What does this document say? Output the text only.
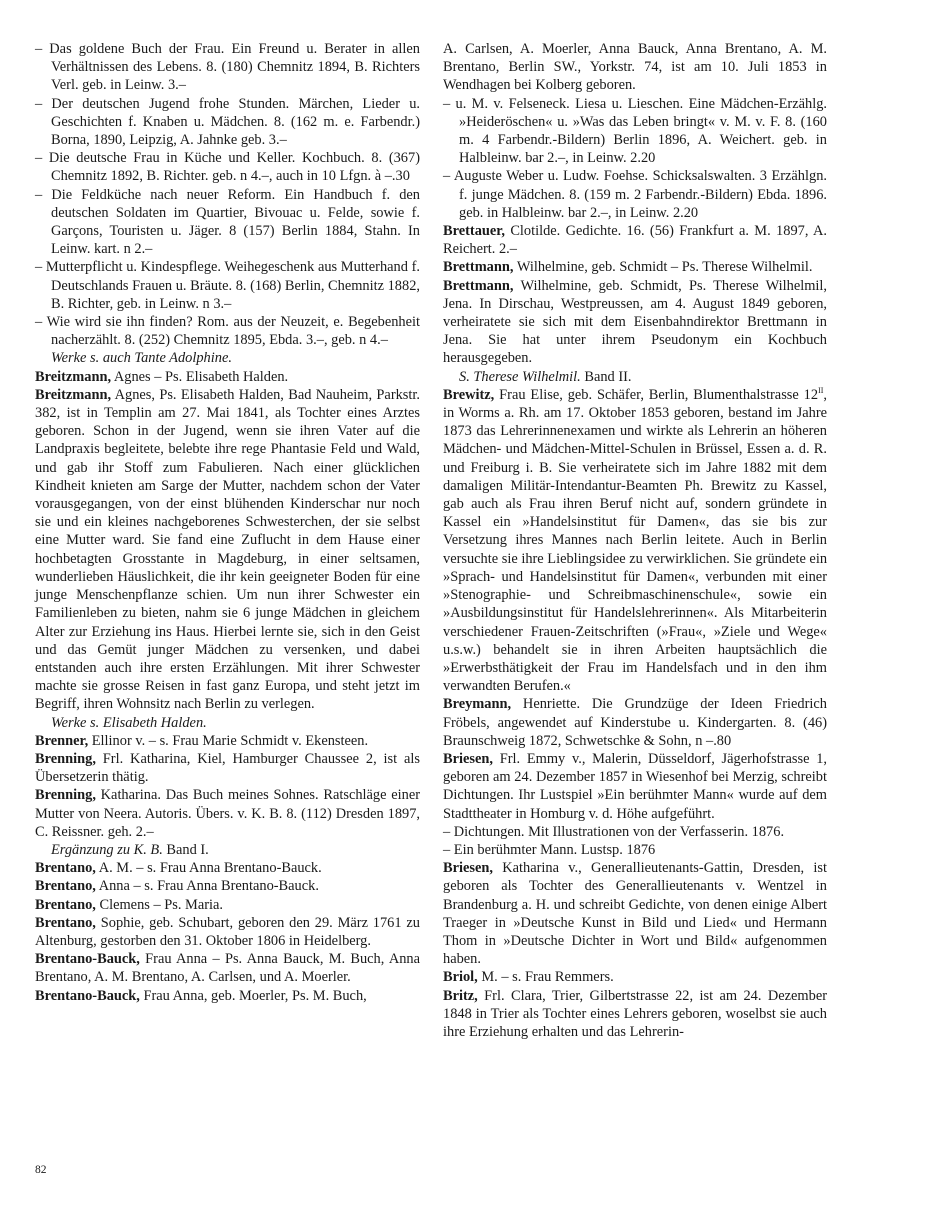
– Das goldene Buch der Frau. Ein Freund u. Berater in allen Verhältnissen des Lebens. 8. (180) Chemnitz 1894, B. Richters Verl. geb. in Leinw. 3.–
– Der deutschen Jugend frohe Stunden. Märchen, Lieder u. Geschichten f. Knaben u. Mädchen. 8. (162 m. e. Farbendr.) Borna, 1890, Leipzig, A. Jahnke geb. 3.–
– Die deutsche Frau in Küche und Keller. Kochbuch. 8. (367) Chemnitz 1892, B. Richter. geb. n 4.–, auch in 10 Lfgn. à –.30
– Die Feldküche nach neuer Reform. Ein Handbuch f. den deutschen Soldaten im Quartier, Bivouac u. Felde, sowie f. Garçons, Touristen u. Jäger. 8 (157) Berlin 1884, Stahn. In Leinw. kart. n 2.–
– Mutterpflicht u. Kindespflege. Weihegeschenk aus Mutterhand f. Deutschlands Frauen u. Bräute. 8. (168) Berlin, Chemnitz 1882, B. Richter, geb. in Leinw. n 3.–
– Wie wird sie ihn finden? Rom. aus der Neuzeit, e. Begebenheit nacherzählt. 8. (252) Chemnitz 1895, Ebda. 3.–, geb. n 4.–
Werke s. auch Tante Adolphine.
Breitzmann, Agnes – Ps. Elisabeth Halden.
Breitzmann, Agnes, Ps. Elisabeth Halden, Bad Nauheim, Parkstr. 382, ist in Templin am 27. Mai 1841, als Tochter eines Arztes geboren. Schon in der Jugend, wenn sie ihren Vater auf die Landpraxis begleitete, belebte ihre rege Phantasie Feld und Wald, und gab ihr Stoff zum Fabulieren. Nach einer glücklichen Kindheit knieten am Sarge der Mutter, nachdem schon der Vater vorausgegangen, von der einst blühenden Kinderschar nur noch sie und ein kleines nachgeborenes Schwesterchen, der sie selbst eine Mutter ward. Sie fand eine Zuflucht in dem Hause einer hochbetagten Grosstante in Magdeburg, in einer seltsamen, wunderlieben Häuslichkeit, die ihr kein geeigneter Boden für eine junge Menschenpflanze schien. Um nun ihrer Schwester ein Familienleben zu bieten, nahm sie 6 junge Mädchen in gleichem Alter zur Erziehung ins Haus. Hierbei lernte sie, sich in den Geist und das Gemüt junger Mädchen zu versenken, und dabei entstanden auch ihre ersten Erzählungen. Mit ihrer Schwester machte sie grosse Reisen in fast ganz Europa, und steht jetzt im Begriff, ihren Wohnsitz nach Berlin zu verlegen.
Werke s. Elisabeth Halden.
Brenner, Ellinor v. – s. Frau Marie Schmidt v. Ekensteen.
Brenning, Frl. Katharina, Kiel, Hamburger Chaussee 2, ist als Übersetzerin thätig.
Brenning, Katharina. Das Buch meines Sohnes. Ratschläge einer Mutter von Neera. Autoris. Übers. v. K. B. 8. (112) Dresden 1897, C. Reissner. geh. 2.–
Ergänzung zu K. B. Band I.
Brentano, A. M. – s. Frau Anna Brentano-Bauck.
Brentano, Anna – s. Frau Anna Brentano-Bauck.
Brentano, Clemens – Ps. Maria.
Brentano, Sophie, geb. Schubart, geboren den 29. März 1761 zu Altenburg, gestorben den 31. Oktober 1806 in Heidelberg.
Brentano-Bauck, Frau Anna – Ps. Anna Bauck, M. Buch, Anna Brentano, A. M. Brentano, A. Carlsen, und A. Moerler.
Brentano-Bauck, Frau Anna, geb. Moerler, Ps. M. Buch,
A. Carlsen, A. Moerler, Anna Bauck, Anna Brentano, A. M. Brentano, Berlin SW., Yorkstr. 74, ist am 10. Juli 1853 in Wendhagen bei Kolberg geboren.
– u. M. v. Felseneck. Liesa u. Lieschen. Eine Mädchen-Erzählg. »Heideröschen« u. »Was das Leben bringt« v. M. v. F. 8. (160 m. 4 Farbendr.-Bildern) Berlin 1896, A. Weichert. geb. in Halbleinw. bar 2.–, in Leinw. 2.20
– Auguste Weber u. Ludw. Foehse. Schicksalswalten. 3 Erzählgn. f. junge Mädchen. 8. (159 m. 2 Farbendr.-Bildern) Ebda. 1896. geb. in Halbleinw. bar 2.–, in Leinw. 2.20
Brettauer, Clotilde. Gedichte. 16. (56) Frankfurt a. M. 1897, A. Reichert. 2.–
Brettmann, Wilhelmine, geb. Schmidt – Ps. Therese Wilhelmil.
Brettmann, Wilhelmine, geb. Schmidt, Ps. Therese Wilhelmil, Jena. In Dirschau, Westpreussen, am 4. August 1849 geboren, verheiratete sie sich mit dem Eisenbahndirektor Brettmann in Jena. Sie hat unter ihrem Pseudonym ein Kochbuch herausgegeben.
S. Therese Wilhelmil. Band II.
Brewitz, Frau Elise, geb. Schäfer, Berlin, Blumenthalstrasse $12^{II}$, in Worms a. Rh. am 17. Oktober 1853 geboren, bestand im Jahre 1873 das Lehrerinnenexamen und wirkte als Lehrerin an höheren Mädchen- und Mädchen-Mittel-Schulen in Brüssel, Essen a. d. R. und Freiburg i. B. Sie verheiratete sich im Jahre 1882 mit dem damaligen Militär-Intendantur-Beamten Ph. Brewitz zu Kassel, gab auch als Frau ihren Beruf nicht auf, sondern gründete in Kassel ein »Handelsinstitut für Damen«, das sie bis zur Versetzung ihres Mannes nach Berlin leitete. Auch in Berlin versuchte sie ihre Lieblingsidee zu verwirklichen. Sie gründete ein »Sprach- und Handelsinstitut für Damen«, verbunden mit einer »Stenographie- und Schreibmaschinenschule«, sowie ein »Ausbildungsinstitut für Handelslehrerinnen«. Als Mitarbeiterin verschiedener Frauen-Zeitschriften (»Frau«, »Ziele und Wege« u.s.w.) behandelt sie in ihren Arbeiten hauptsächlich die »Erwerbsthätigkeit der Frau im Handelsfach und in den ihm verwandten Berufen.«
Breymann, Henriette. Die Grundzüge der Ideen Friedrich Fröbels, angewendet auf Kinderstube u. Kindergarten. 8. (46) Braunschweig 1872, Schwetschke & Sohn, n –.80
Briesen, Frl. Emmy v., Malerin, Düsseldorf, Jägerhofstrasse 1, geboren am 24. Dezember 1857 in Wiesenhof bei Merzig, schreibt Dichtungen. Ihr Lustspiel »Ein berühmter Mann« wurde auf dem Stadttheater in Homburg v. d. Höhe aufgeführt.
– Dichtungen. Mit Illustrationen von der Verfasserin. 1876.
– Ein berühmter Mann. Lustsp. 1876
Briesen, Katharina v., Generallieutenants-Gattin, Dresden, ist geboren als Tochter des Generallieutenants v. Wentzel in Brandenburg a. H. und schreibt Gedichte, von denen einige Albert Traeger in »Deutsche Kunst in Bild und Lied« und Hermann Thom in »Deutsche Dichter in Wort und Bild« aufgenommen haben.
Briol, M. – s. Frau Remmers.
Britz, Frl. Clara, Trier, Gilbertstrasse 22, ist am 24. Dezember 1848 in Trier als Tochter eines Lehrers geboren, woselbst sie auch ihre Erziehung erhalten und das Lehrerin-
82
